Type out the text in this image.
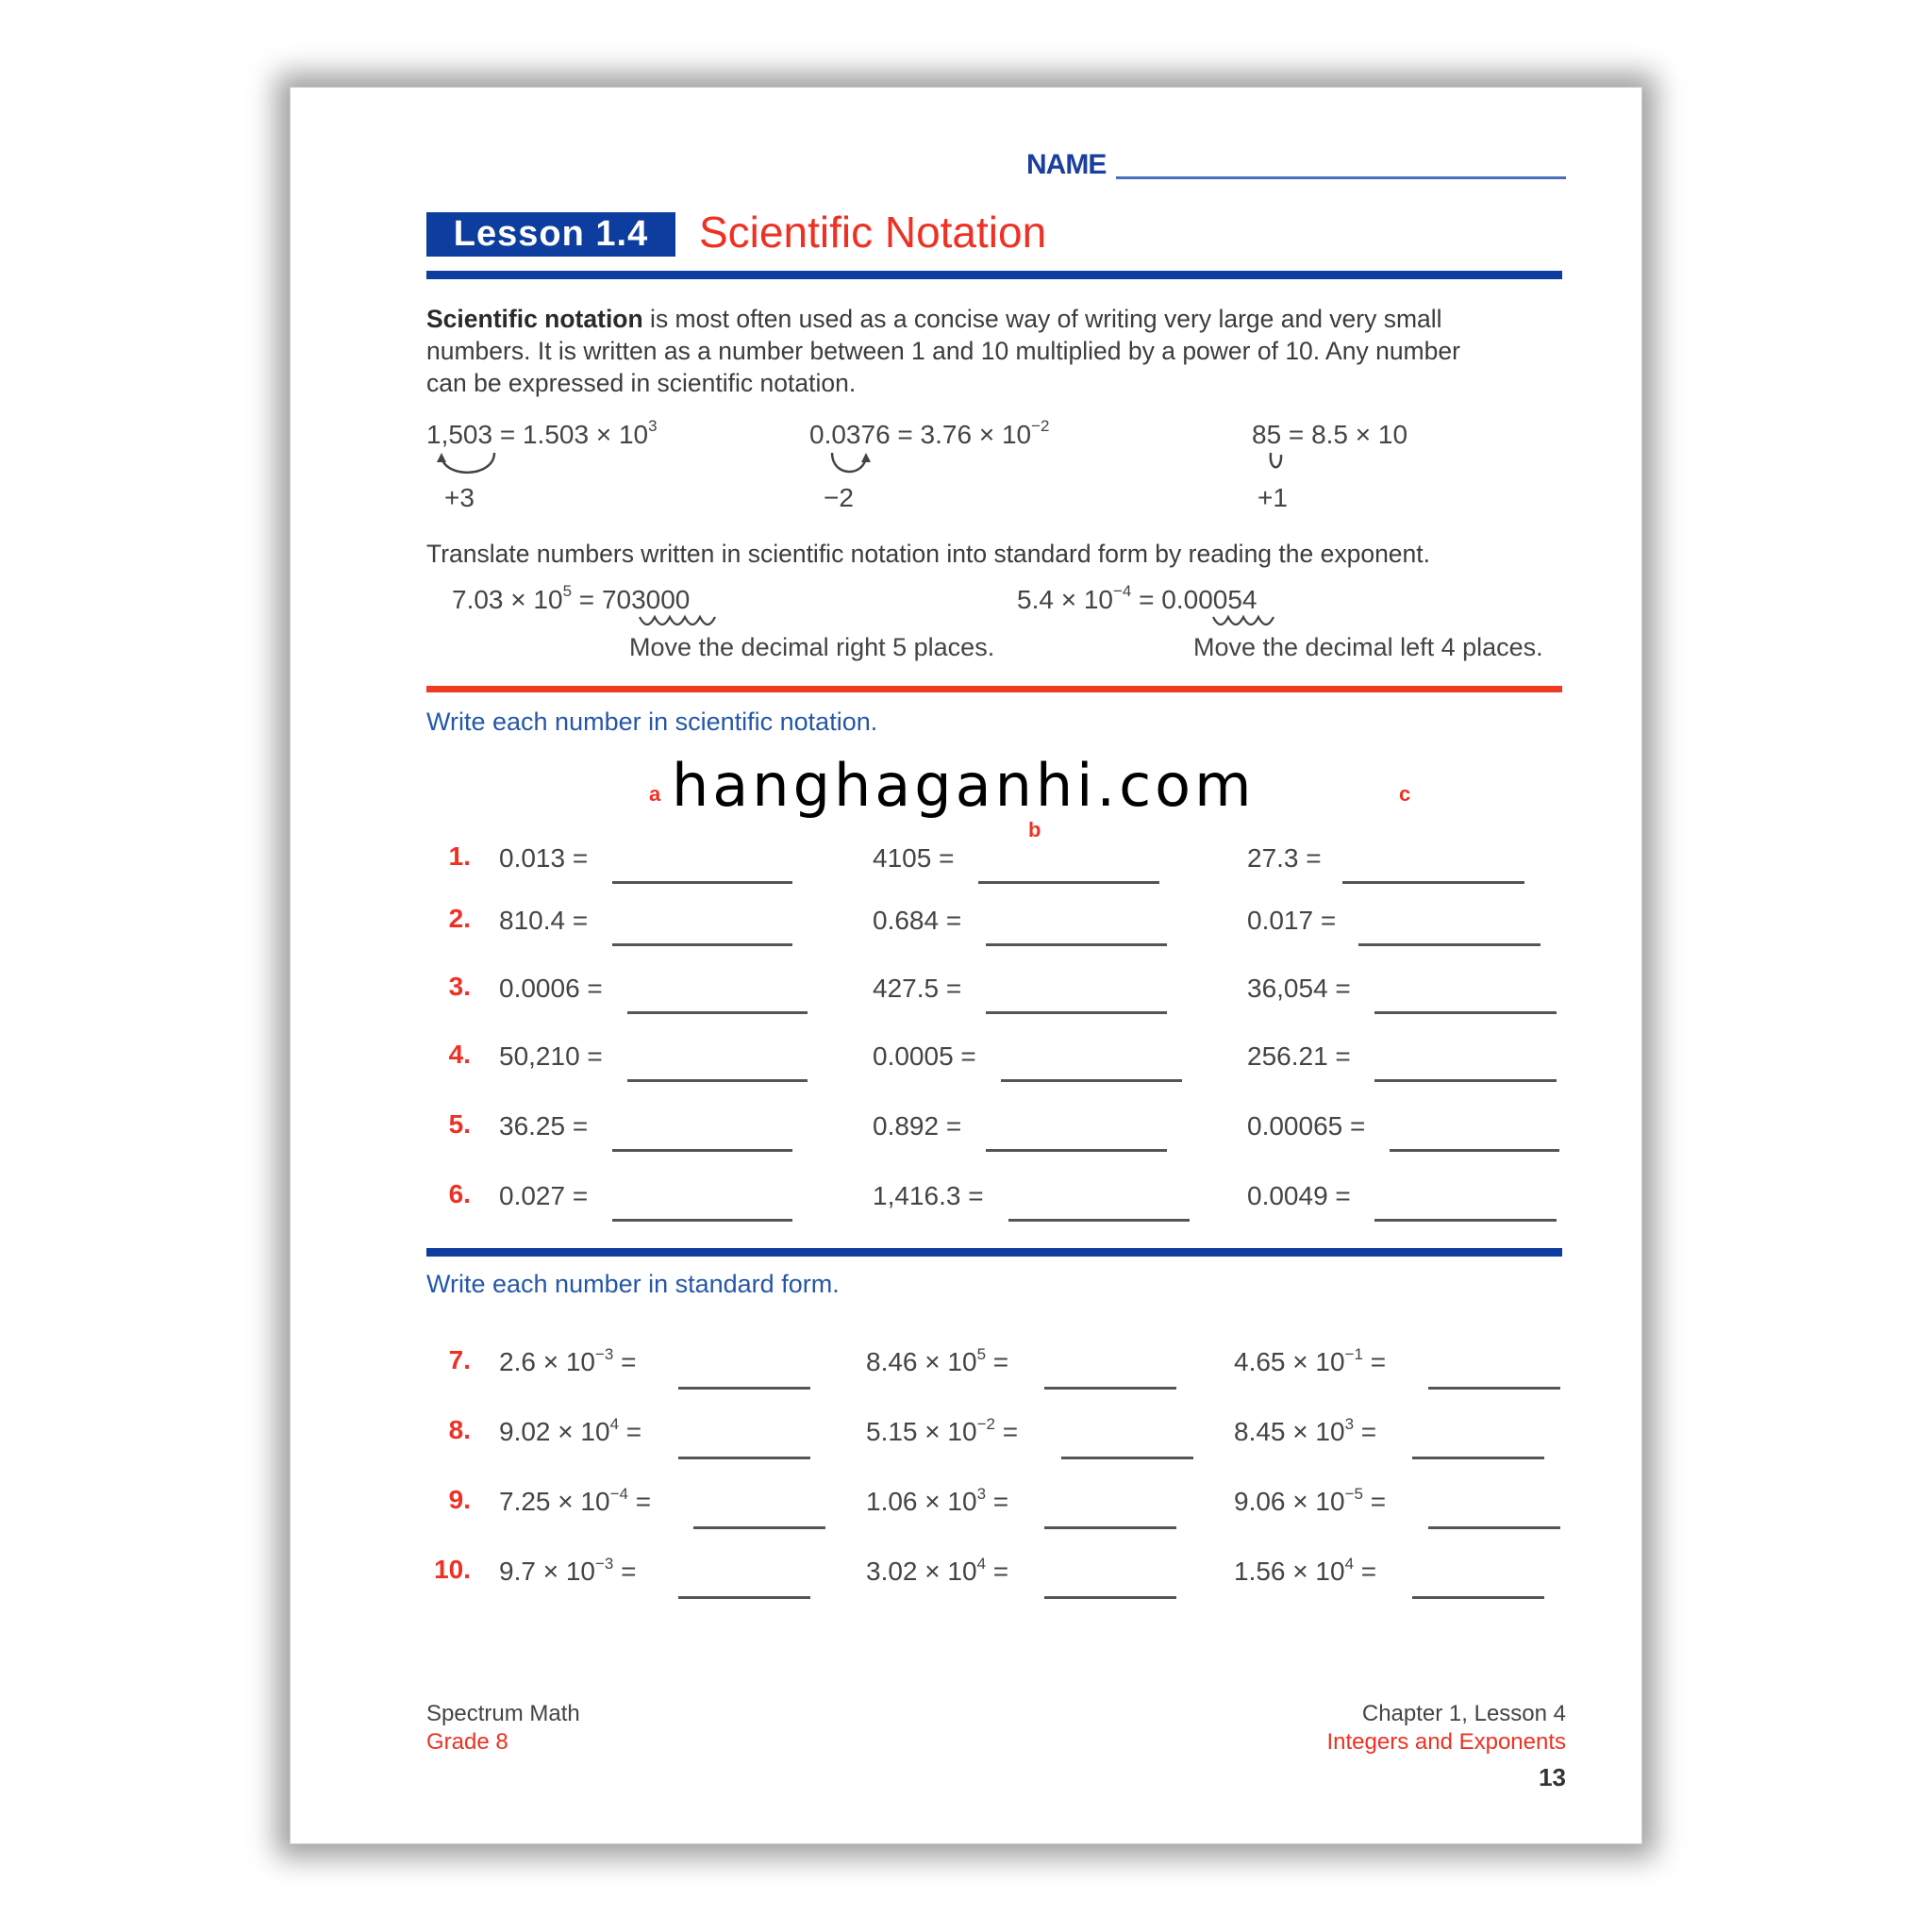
NAME
Lesson 1.4	Scientific Notation
Scientific notation is most often used as a concise way of writing very large and very small
numbers. It is written as a number between 1 and 10 multiplied by a power of 10. Any number
can be expressed in scientific notation.
$1,503 = 1.503 \times 10^3$
+3
$0.0376 = 3.76 \times 10^{-2}$
−2
85 = 8.5 × 10
+1
Translate numbers written in scientific notation into standard form by reading the exponent.
$7.03 \times 10^5 = 703000$
Move the decimal right 5 places.
$5.4 \times 10^{-4} = 0.00054$
Move the decimal left 4 places.
Write each number in scientific notation.
hanghaganhi.com
a
b
c
1. 0.013 =	4105 =	27.3 =
2. 810.4 =	0.684 =	0.017 =
3. 0.0006 =	427.5 =	36,054 =
4. 50,210 =	0.0005 =	256.21 =
5. 36.25 =	0.892 =	0.00065 =
6. 0.027 =	1,416.3 =	0.0049 =
Write each number in standard form.
7. $2.6 \times 10^{-3}$ =	$8.46 \times 10^5$ =	$4.65 \times 10^{-1}$ =
8. $9.02 \times 10^4$ =	$5.15 \times 10^{-2}$ =	$8.45 \times 10^3$ =
9. $7.25 \times 10^{-4}$ =	$1.06 \times 10^3$ =	$9.06 \times 10^{-5}$ =
10. $9.7 \times 10^{-3}$ =	$3.02 \times 10^4$ =	$1.56 \times 10^4$ =
Spectrum Math
Grade 8
Chapter 1, Lesson 4
Integers and Exponents
13
